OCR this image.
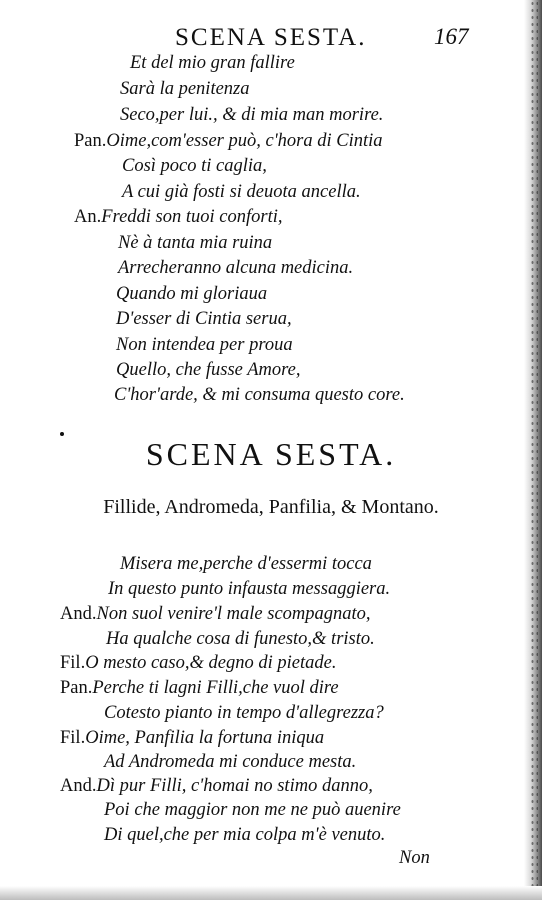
SCENA SESTA.	167
Et del mio gran fallire
Sarà la penitenza
Seco,per lui., & di mia man morire.
Pan.Oime,com'esser può, c'hora di Cintia
Così poco ti caglia,
A cui già fosti si deuota ancella.
An.Freddi son tuoi conforti,
Nè à tanta mia ruina
Arrecheranno alcuna medicina.
Quando mi gloriaua
D'esser di Cintia serua,
Non intendea per proua
Quello, che fusse Amore,
C'hor'arde, & mi consuma questo core.
SCENA SESTA.
Fillide, Andromeda, Panfilia, & Montano.
Misera me,perche d'essermi tocca
In questo punto infausta messaggiera.
And.Non suol venire'l male scompagnato,
Ha qualche cosa di funesto,& tristo.
Fil.O mesto caso,& degno di pietade.
Pan.Perche ti lagni Filli,che vuol dire
Cotesto pianto in tempo d'allegrezza?
Fil.Oime, Panfilia la fortuna iniqua
Ad Andromeda mi conduce mesta.
And.Dì pur Filli, c'homai no stimo danno,
Poi che maggior non me ne può auenire
Di quel,che per mia colpa m'è venuto.
Non
